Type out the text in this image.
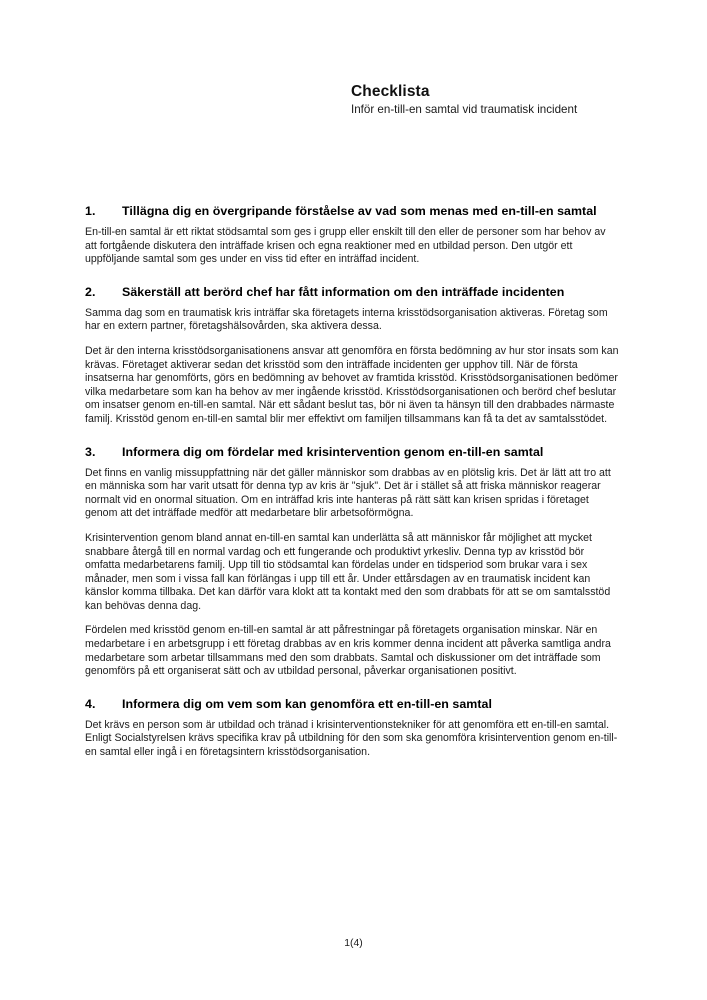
Checklista

Inför en-till-en samtal vid traumatisk incident

1.	Tillägna dig en övergripande förståelse av vad som menas med en-till-en samtal

En-till-en samtal är ett riktat stödsamtal som ges i grupp eller enskilt till den eller de personer som har behov av att fortgående diskutera den inträffade krisen och egna reaktioner med en utbildad person. Den utgör ett uppföljande samtal som ges under en viss tid efter en inträffad incident.

2.	Säkerställ att berörd chef har fått information om den inträffade incidenten

Samma dag som en traumatisk kris inträffar ska företagets interna krisstödsorganisation aktiveras. Företag som har en extern partner, företagshälsovården, ska aktivera dessa.

Det är den interna krisstödsorganisationens ansvar att genomföra en första bedömning av hur stor insats som kan krävas. Företaget aktiverar sedan det krisstöd som den inträffade incidenten ger upphov till. När de första insatserna har genomförts, görs en bedömning av behovet av framtida krisstöd. Krisstödsorganisationen bedömer vilka medarbetare som kan ha behov av mer ingående krisstöd. Krisstödsorganisationen och berörd chef beslutar om insatser genom en-till-en samtal. När ett sådant beslut tas, bör ni även ta hänsyn till den drabbades närmaste familj. Krisstöd genom en-till-en samtal blir mer effektivt om familjen tillsammans kan få ta det av samtalsstödet.

3.	Informera dig om fördelar med krisintervention genom en-till-en samtal

Det finns en vanlig missuppfattning när det gäller människor som drabbas av en plötslig kris. Det är lätt att tro att en människa som har varit utsatt för denna typ av kris är "sjuk". Det är i stället så att friska människor reagerar normalt vid en onormal situation. Om en inträffad kris inte hanteras på rätt sätt kan krisen spridas i företaget genom att det inträffade medför att medarbetare blir arbetsoförmögna.

Krisintervention genom bland annat en-till-en samtal kan underlätta så att människor får möjlighet att mycket snabbare återgå till en normal vardag och ett fungerande och produktivt yrkesliv. Denna typ av krisstöd bör omfatta medarbetarens familj. Upp till tio stödsamtal kan fördelas under en tidsperiod som brukar vara i sex månader, men som i vissa fall kan förlängas i upp till ett år. Under ettårsdagen av en traumatisk incident kan känslor komma tillbaka. Det kan därför vara klokt att ta kontakt med den som drabbats för att se om samtalsstöd kan behövas denna dag.

Fördelen med krisstöd genom en-till-en samtal är att påfrestningar på företagets organisation minskar. När en medarbetare i en arbetsgrupp i ett företag drabbas av en kris kommer denna incident att påverka samtliga andra medarbetare som arbetar tillsammans med den som drabbats. Samtal och diskussioner om det inträffade som genomförs på ett organiserat sätt och av utbildad personal, påverkar organisationen positivt.

4.	Informera dig om vem som kan genomföra ett en-till-en samtal

Det krävs en person som är utbildad och tränad i krisinterventionstekniker för att genomföra ett en-till-en samtal. Enligt Socialstyrelsen krävs specifika krav på utbildning för den som ska genomföra krisintervention genom en-till-en samtal eller ingå i en företagsintern krisstödsorganisation.

1(4)
